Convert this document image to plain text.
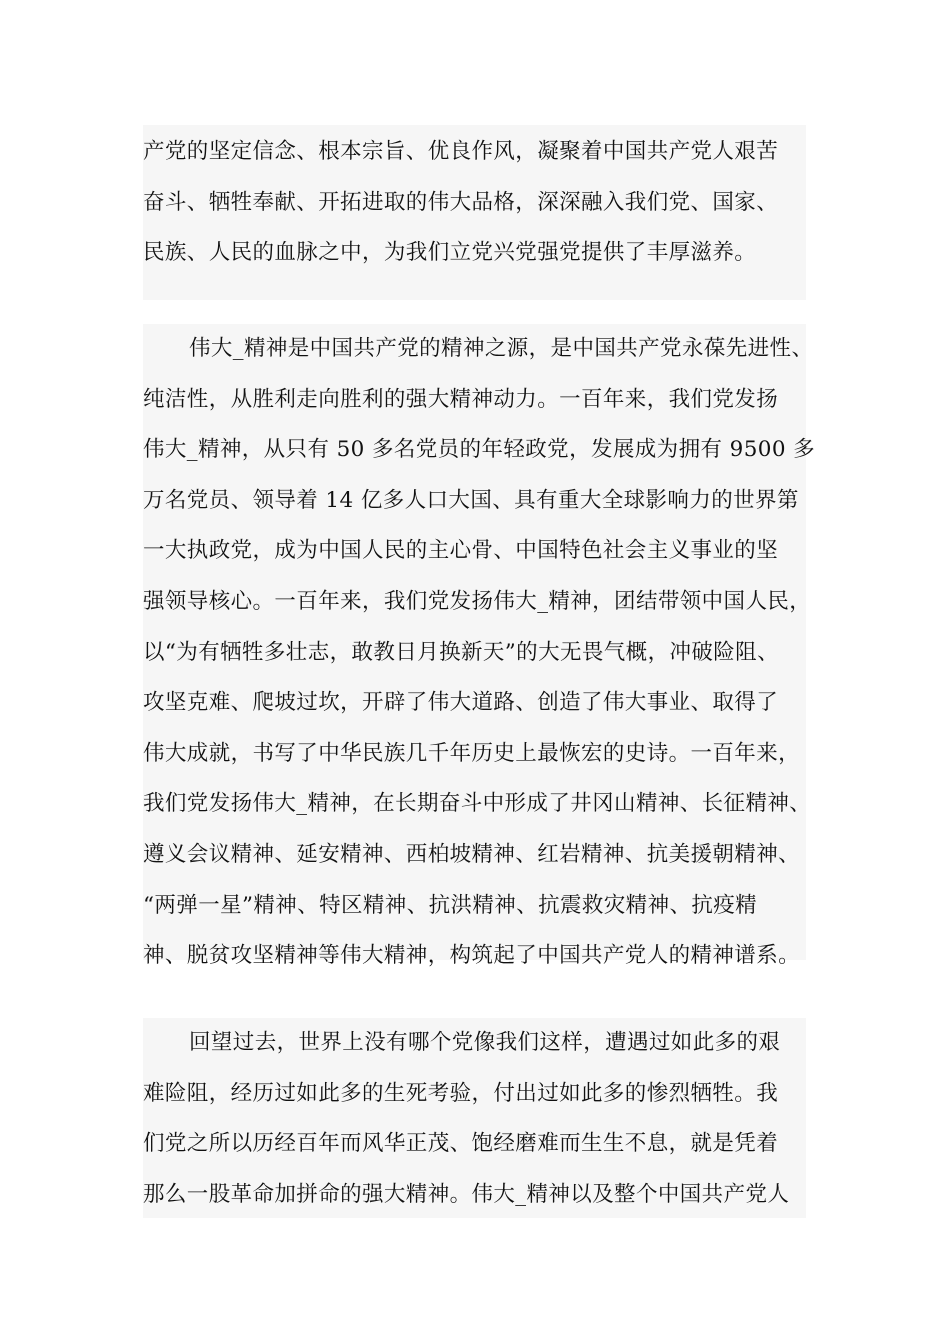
产党的坚定信念、根本宗旨、优良作风，凝聚着中国共产党人艰苦
奋斗、牺牲奉献、开拓进取的伟大品格，深深融入我们党、国家、
民族、人民的血脉之中，为我们立党兴党强党提供了丰厚滋养。
伟大_精神是中国共产党的精神之源，是中国共产党永葆先进性、
纯洁性，从胜利走向胜利的强大精神动力。一百年来，我们党发扬
伟大_精神，从只有 50 多名党员的年轻政党，发展成为拥有 9500 多
万名党员、领导着 14 亿多人口大国、具有重大全球影响力的世界第
一大执政党，成为中国人民的主心骨、中国特色社会主义事业的坚
强领导核心。一百年来，我们党发扬伟大_精神，团结带领中国人民，
以“为有牺牲多壮志，敢教日月换新天”的大无畏气概，冲破险阻、
攻坚克难、爬坡过坎，开辟了伟大道路、创造了伟大事业、取得了
伟大成就，书写了中华民族几千年历史上最恢宏的史诗。一百年来，
我们党发扬伟大_精神，在长期奋斗中形成了井冈山精神、长征精神、
遵义会议精神、延安精神、西柏坡精神、红岩精神、抗美援朝精神、
“两弹一星”精神、特区精神、抗洪精神、抗震救灾精神、抗疫精
神、脱贫攻坚精神等伟大精神，构筑起了中国共产党人的精神谱系。
回望过去，世界上没有哪个党像我们这样，遭遇过如此多的艰
难险阻，经历过如此多的生死考验，付出过如此多的惨烈牺牲。我
们党之所以历经百年而风华正茂、饱经磨难而生生不息，就是凭着
那么一股革命加拼命的强大精神。伟大_精神以及整个中国共产党人
